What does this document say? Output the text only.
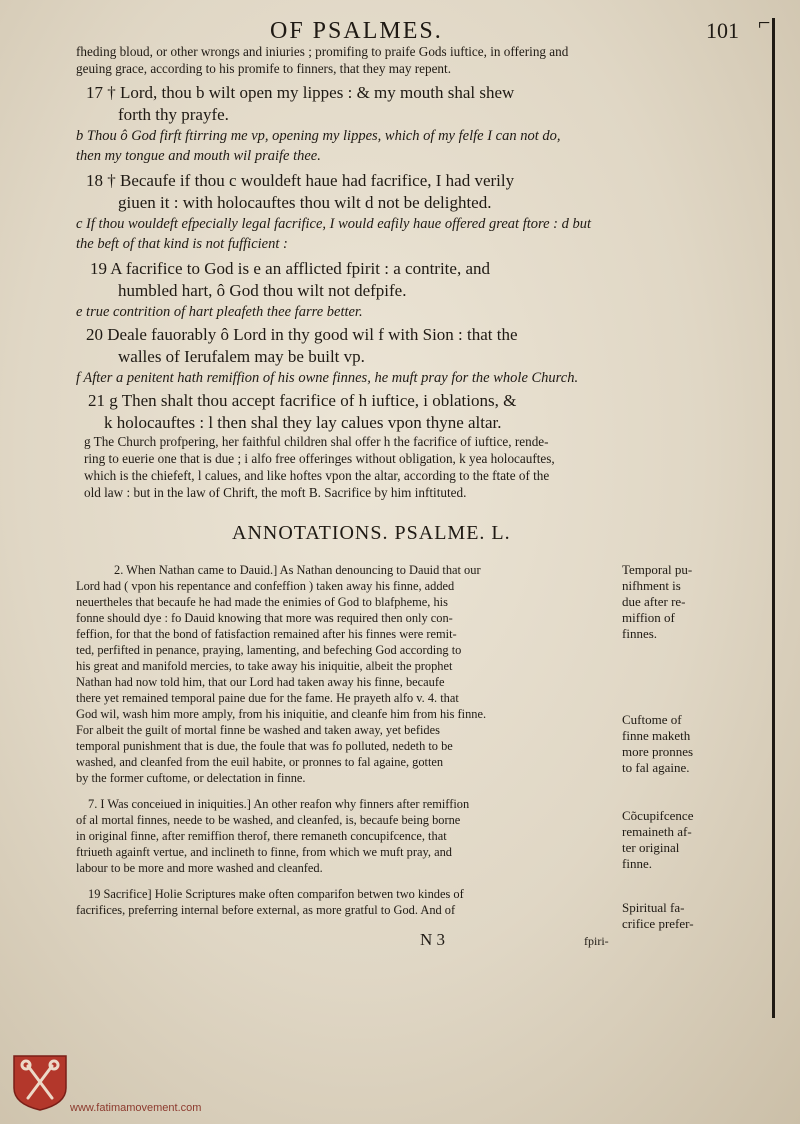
⌐
OF PSALMES.	101
fheding bloud, or other wrongs and iniuries ; promifing to praife Gods iuftice, in offering and
geuing grace, according to his promife to finners, that they may repent.
17 † Lord, thou b wilt open my lippes : & my mouth shal shew
forth thy prayfe.
b Thou ô God firft ftirring me vp, opening my lippes, which of my felfe I can not do,
then my tongue and mouth wil praife thee.
18 † Becaufe if thou c wouldeft haue had facrifice, I had verily
giuen it : with holocauftes thou wilt d not be delighted.
c If thou wouldeft efpecially legal facrifice, I would eafily haue offered great ftore : d but
the beft of that kind is not fufficient :
19 A facrifice to God is e an afflicted fpirit : a contrite, and
humbled hart, ô God thou wilt not defpife.
e true contrition of hart pleafeth thee farre better.
20 Deale fauorably ô Lord in thy good wil f with Sion : that the
walles of Ierufalem may be built vp.
f After a penitent hath remiffion of his owne finnes, he muft pray for the whole Church.
21 g Then shalt thou accept facrifice of h iuftice, i oblations, &
k holocauftes : l then shal they lay calues vpon thyne altar.
g The Church profpering, her faithful children shal offer h the facrifice of iuftice, rende-
ring to euerie one that is due ; i alfo free offeringes without obligation, k yea holocauftes,
which is the chiefeft, l calues, and like hoftes vpon the altar, according to the ftate of the
old law : but in the law of Chrift, the moft B. Sacrifice by him inftituted.
ANNOTATIONS. PSALME. L.
2. When Nathan came to Dauid.] As Nathan denouncing to Dauid that our
Lord had ( vpon his repentance and confeffion ) taken away his finne, added
neuertheles that becaufe he had made the enimies of God to blafpheme, his
fonne should dye : fo Dauid knowing that more was required then only con-
feffion, for that the bond of fatisfaction remained after his finnes were remit-
ted, perfifted in penance, praying, lamenting, and befeching God according to
his great and manifold mercies, to take away his iniquitie, albeit the prophet
Nathan had now told him, that our Lord had taken away his finne, becaufe
there yet remained temporal paine due for the fame. He prayeth alfo v. 4. that
God wil, wash him more amply, from his iniquitie, and cleanfe him from his finne.
For albeit the guilt of mortal finne be washed and taken away, yet befides
temporal punishment that is due, the foule that was fo polluted, nedeth to be
washed, and cleanfed from the euil habite, or pronnes to fal againe, gotten
by the former cuftome, or delectation in finne.
7. I Was conceiued in iniquities.] An other reafon why finners after remiffion
of al mortal finnes, neede to be washed, and cleanfed, is, becaufe being borne
in original finne, after remiffion therof, there remaneth concupifcence, that
ftriueth againft vertue, and inclineth to finne, from which we muft pray, and
labour to be more and more washed and cleanfed.
19 Sacrifice] Holie Scriptures make often comparifon betwen two kindes of
facrifices, preferring internal before external, as more gratful to God. And of
Temporal pu-
nifhment is
due after re-
miffion of
finnes.
Cuftome of
finne maketh
more pronnes
to fal againe.
Cõcupifcence
remaineth af-
ter original
finne.
Spiritual fa-
crifice prefer-
N 3	fpiri-
www.fatimamovement.com
